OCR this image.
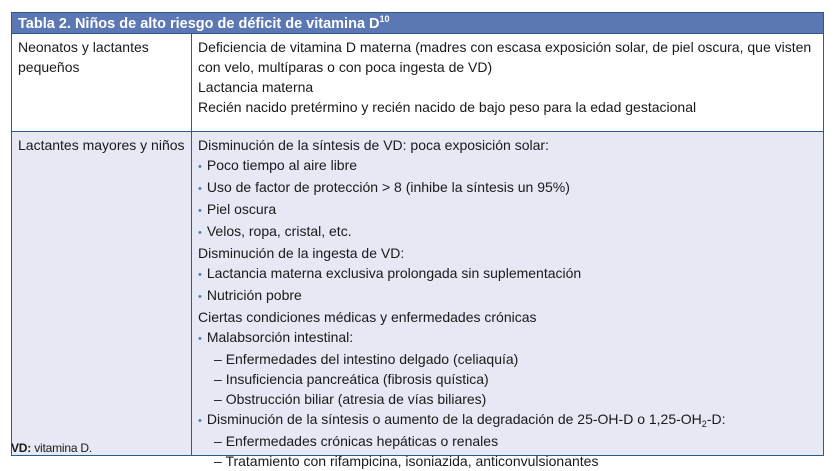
Tabla 2. Niños de alto riesgo de déficit de vitamina $D^{10}$
Neonatos y lactantes pequeños
Deficiencia de vitamina D materna (madres con escasa exposición solar, de piel oscura, que visten con velo, multíparas o con poca ingesta de VD)
Lactancia materna
Recién nacido pretérmino y recién nacido de bajo peso para la edad gestacional
Lactantes mayores y niños Disminución de la síntesis de VD: poca exposición solar:
• Poco tiempo al aire libre
• Uso de factor de protección > 8 (inhibe la síntesis un 95%)
• Piel oscura
• Velos, ropa, cristal, etc.
Disminución de la ingesta de VD:
• Lactancia materna exclusiva prolongada sin suplementación
• Nutrición pobre
Ciertas condiciones médicas y enfermedades crónicas
• Malabsorción intestinal:
– Enfermedades del intestino delgado (celiaquía)
– Insuficiencia pancreática (fibrosis quística)
– Obstrucción biliar (atresia de vías biliares)
• Disminución de la síntesis o aumento de la degradación de 25-OH-D o $1,25-OH_2-D$:
– Enfermedades crónicas hepáticas o renales
– Tratamiento con rifampicina, isoniazida, anticonvulsionantes
VD: vitamina D.
